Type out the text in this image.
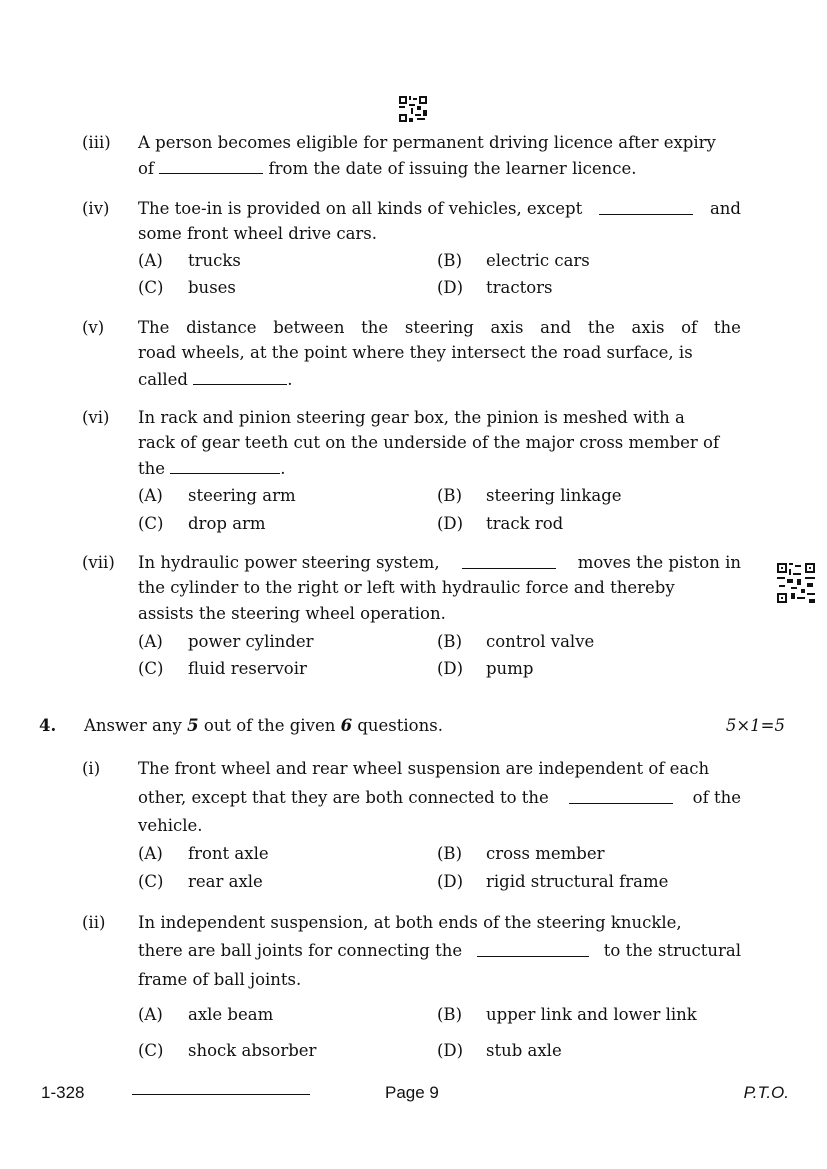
(iii) A person becomes eligible for permanent driving licence after expiry
of	from the date of issuing the learner licence.
(iv) The toe-in is provided on all kinds of vehicles, except	and
some front wheel drive cars.
(A) trucks	(B) electric cars
(C) buses	(D) tractors
(v) The distance between the steering axis and the axis of the
road wheels, at the point where they intersect the road surface, is
called	.
(vi) In rack and pinion steering gear box, the pinion is meshed with a
rack of gear teeth cut on the underside of the major cross member of
the	.
(A) steering arm	(B) steering linkage
(C) drop arm	(D) track rod
(vii) In hydraulic power steering system,	moves the piston in
the cylinder to the right or left with hydraulic force and thereby
assists the steering wheel operation.
(A) power cylinder	(B) control valve
(C) fluid reservoir	(D) pump
4. Answer any 5 out of the given 6 questions.	5×1=5
(i) The front wheel and rear wheel suspension are independent of each
other, except that they are both connected to the	of the
vehicle.
(A) front axle	(B) cross member
(C) rear axle	(D) rigid structural frame
(ii) In independent suspension, at both ends of the steering knuckle,
there are ball joints for connecting the	to the structural
frame of ball joints.
(A) axle beam	(B) upper link and lower link
(C) shock absorber	(D) stub axle
1-328	Page 9	P.T.O.
